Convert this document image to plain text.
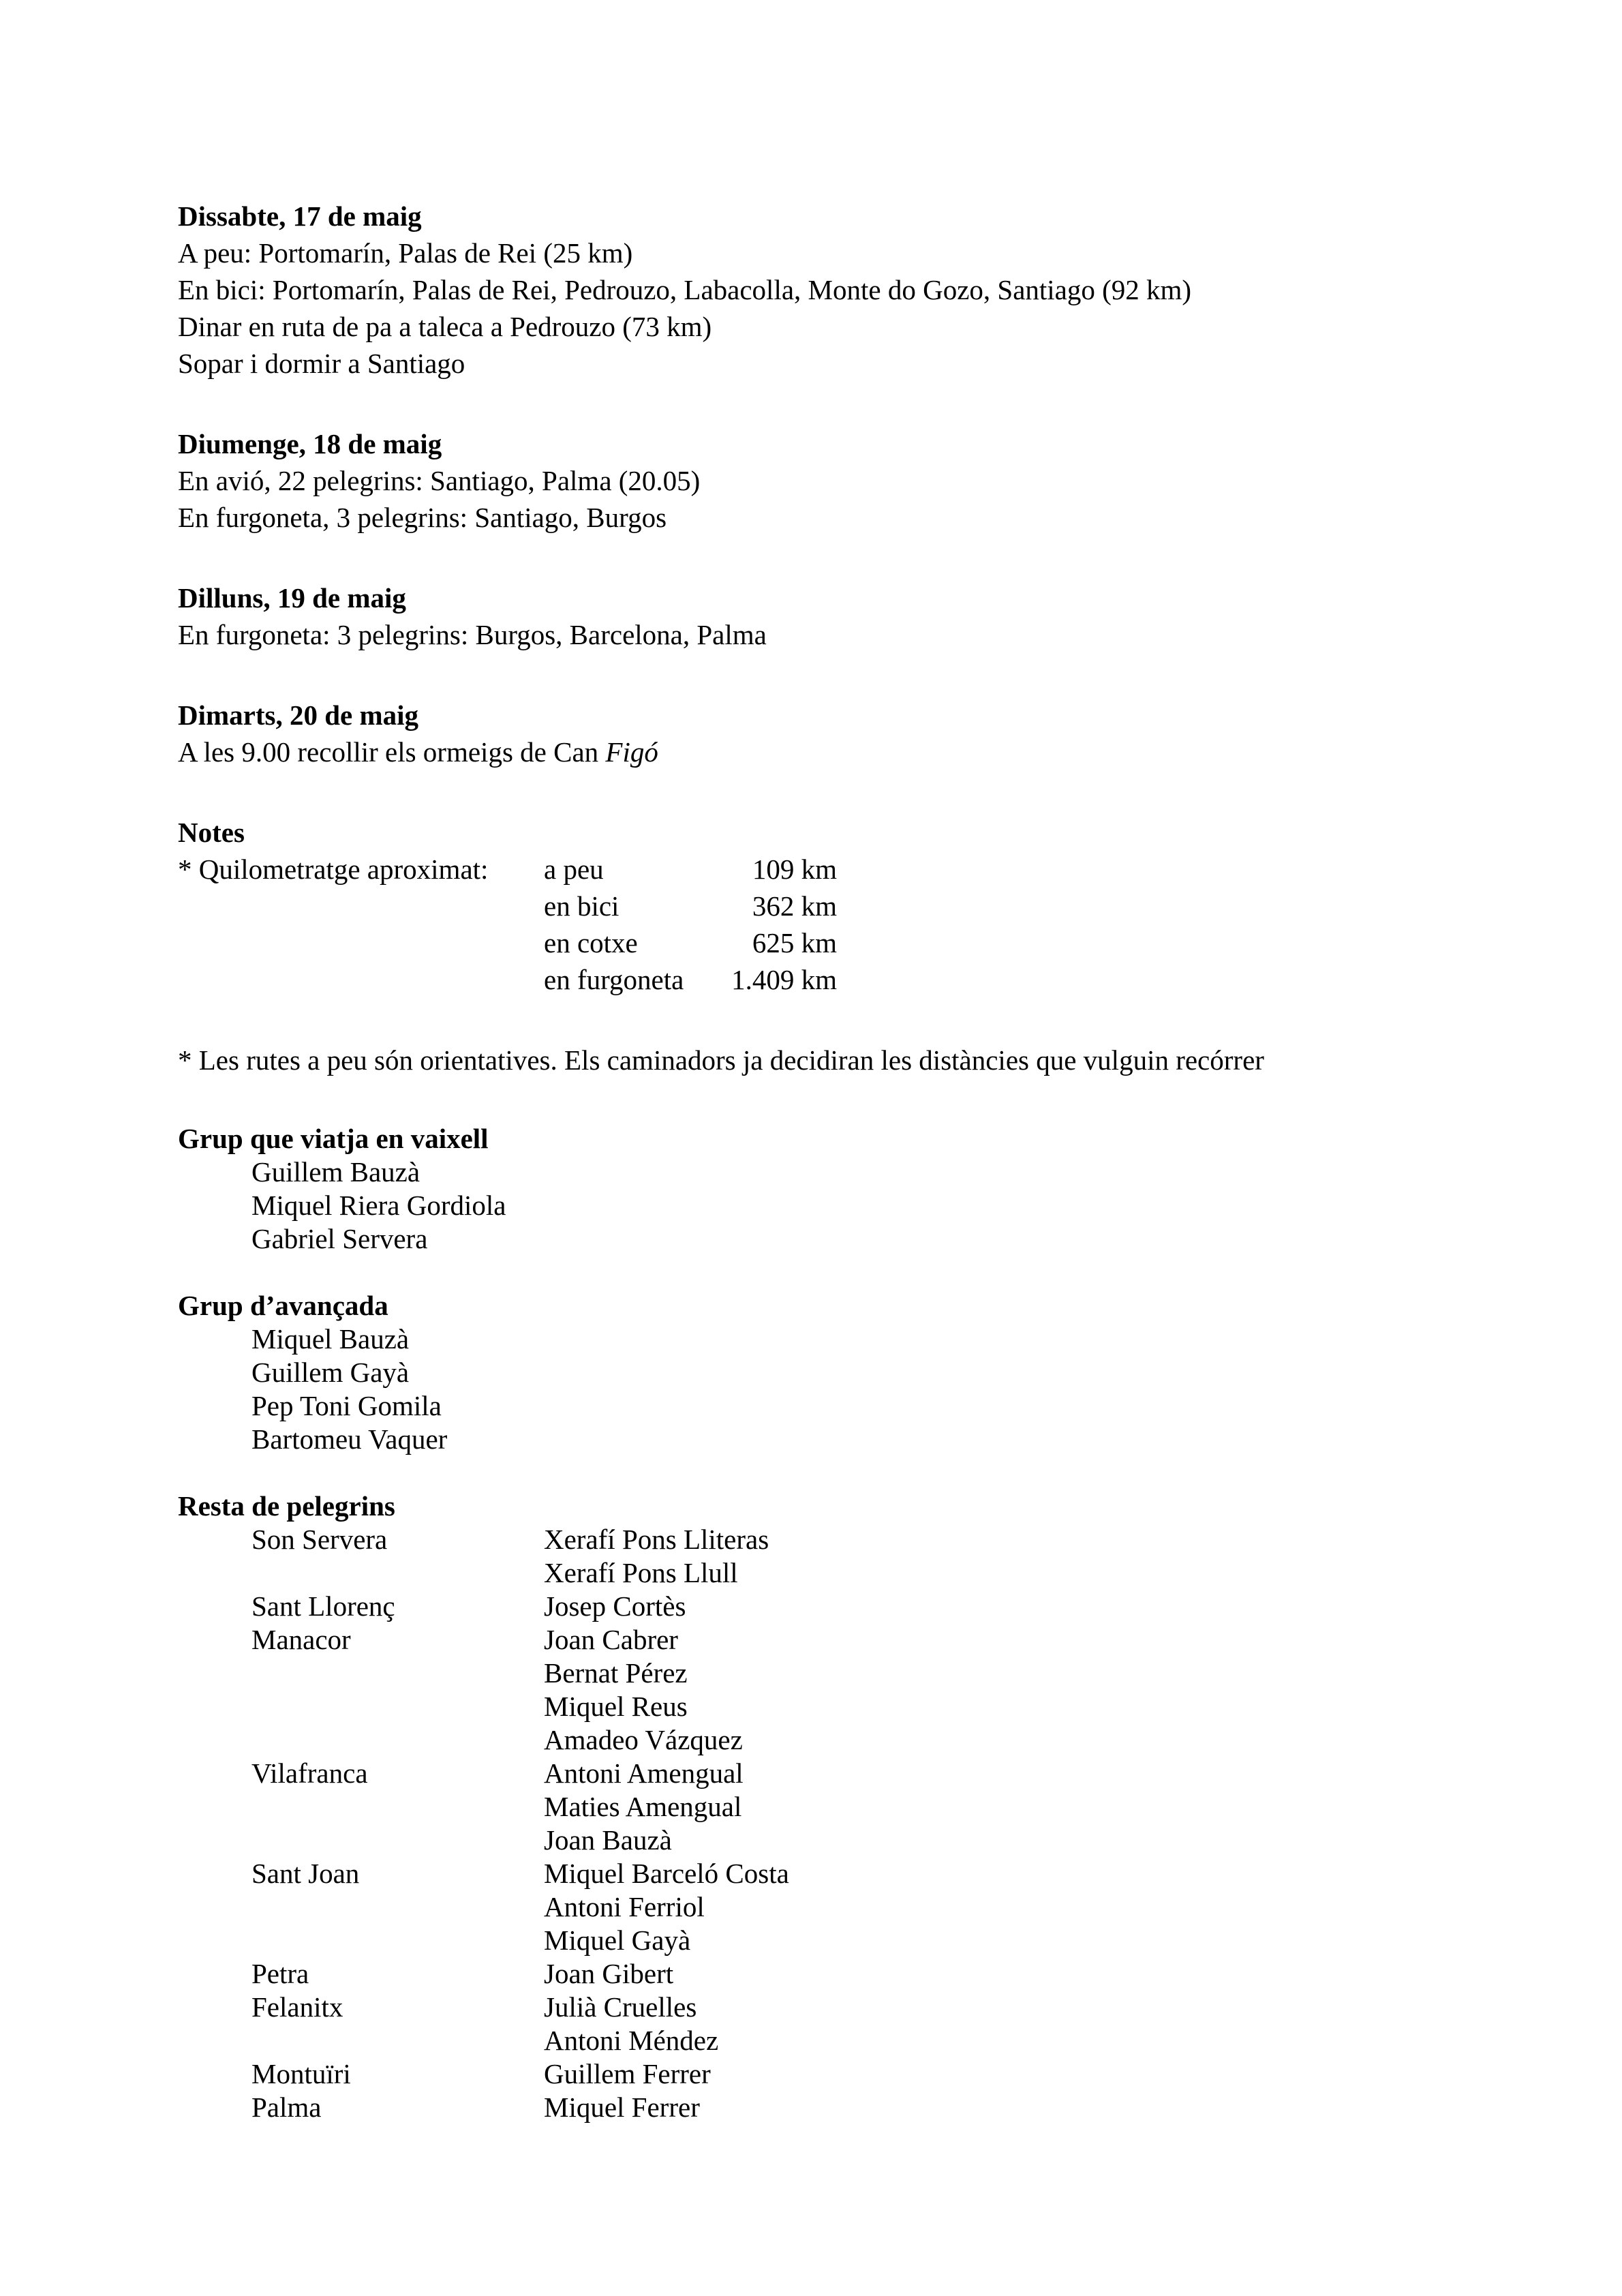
Dissabte, 17 de maig
A peu: Portomarín, Palas de Rei (25 km)
En bici: Portomarín, Palas de Rei, Pedrouzo, Labacolla, Monte do Gozo, Santiago (92 km)
Dinar en ruta de pa a taleca a Pedrouzo (73 km)
Sopar i dormir a Santiago
Diumenge, 18 de maig
En avió, 22 pelegrins: Santiago, Palma (20.05)
En furgoneta, 3 pelegrins: Santiago, Burgos
Dilluns, 19 de maig
En furgoneta: 3 pelegrins: Burgos, Barcelona, Palma
Dimarts, 20 de maig
A les 9.00 recollir els ormeigs de Can Figó
Notes
* Quilometratge aproximat:	a peu	109 km
en bici	362 km
en cotxe	625 km
en furgoneta	1.409 km
* Les rutes a peu són orientatives. Els caminadors ja decidiran les distàncies que vulguin recórrer
Grup que viatja en vaixell
Guillem Bauzà
Miquel Riera Gordiola
Gabriel Servera
Grup d’avançada
Miquel Bauzà
Guillem Gayà
Pep Toni Gomila
Bartomeu Vaquer
Resta de pelegrins
Son Servera	Xerafí Pons Lliteras
Xerafí Pons Llull
Sant Llorenç	Josep Cortès
Manacor	Joan Cabrer
Bernat Pérez
Miquel Reus
Amadeo Vázquez
Vilafranca	Antoni Amengual
Maties Amengual
Joan Bauzà
Sant Joan	Miquel Barceló Costa
Antoni Ferriol
Miquel Gayà
Petra	Joan Gibert
Felanitx	Julià Cruelles
Antoni Méndez
Montuïri	Guillem Ferrer
Palma	Miquel Ferrer
